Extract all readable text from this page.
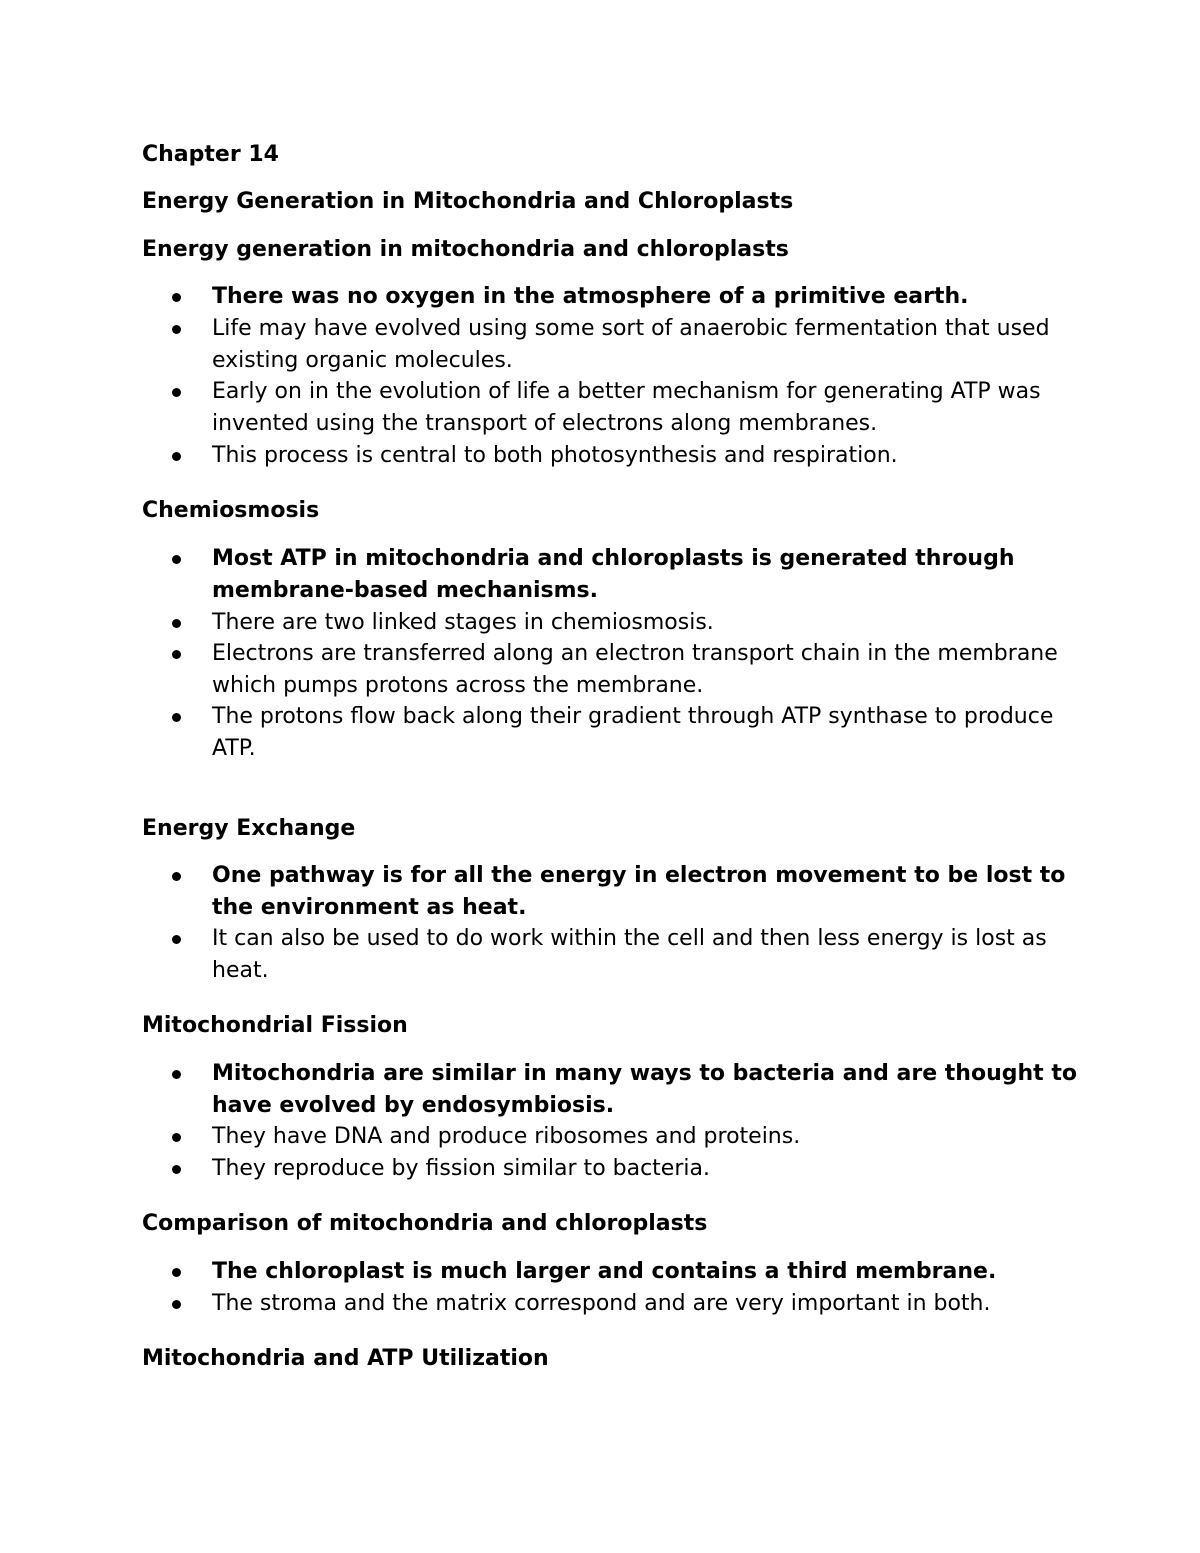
Chapter 14

Energy Generation in Mitochondria and Chloroplasts

Energy generation in mitochondria and chloroplasts

There was no oxygen in the atmosphere of a primitive earth.

Life may have evolved using some sort of anaerobic fermentation that used existing organic molecules.

Early on in the evolution of life a better mechanism for generating ATP was invented using the transport of electrons along membranes.

This process is central to both photosynthesis and respiration.

Chemiosmosis

Most ATP in mitochondria and chloroplasts is generated through membrane-based mechanisms.

There are two linked stages in chemiosmosis.

Electrons are transferred along an electron transport chain in the membrane which pumps protons across the membrane.

The protons flow back along their gradient through ATP synthase to produce ATP.

Energy Exchange

One pathway is for all the energy in electron movement to be lost to the environment as heat.

It can also be used to do work within the cell and then less energy is lost as heat.

Mitochondrial Fission

Mitochondria are similar in many ways to bacteria and are thought to have evolved by endosymbiosis.

They have DNA and produce ribosomes and proteins.

They reproduce by fission similar to bacteria.

Comparison of mitochondria and chloroplasts

The chloroplast is much larger and contains a third membrane.

The stroma and the matrix correspond and are very important in both.

Mitochondria and ATP Utilization
